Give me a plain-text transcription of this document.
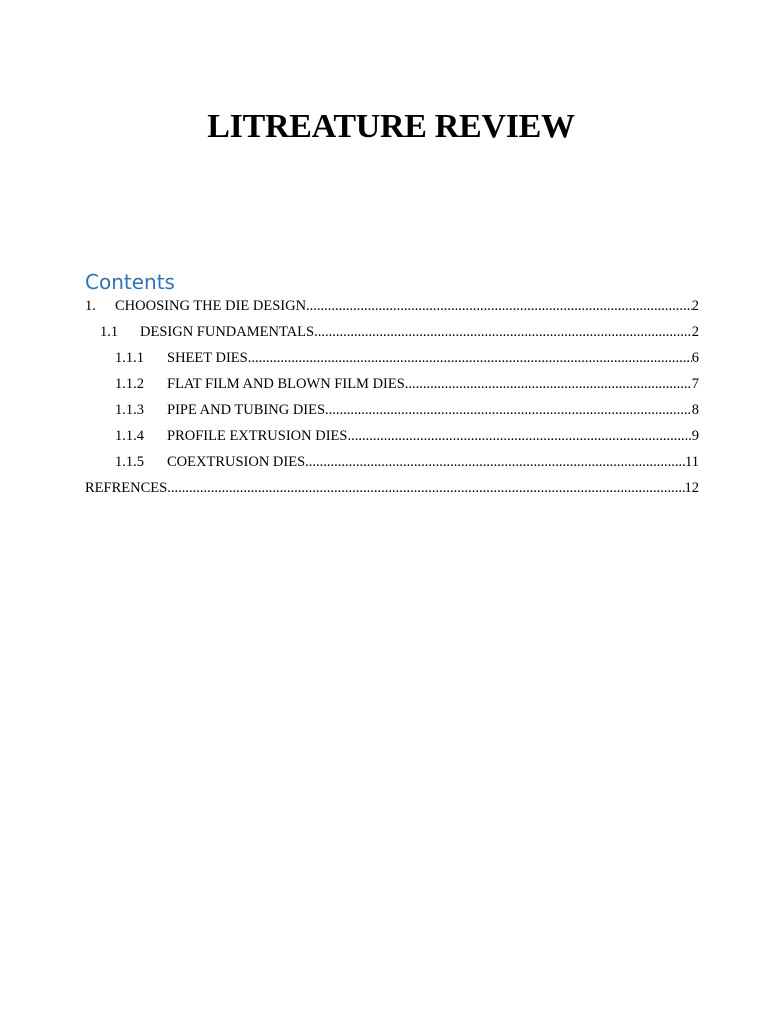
LITREATURE REVIEW
Contents
1.	CHOOSING THE DIE DESIGN .....	2
1.1	DESIGN FUNDAMENTALS .....	2
1.1.1	SHEET DIES .....	6
1.1.2	FLAT FILM AND BLOWN FILM DIES .....	7
1.1.3	PIPE AND TUBING DIES .....	8
1.1.4	PROFILE EXTRUSION DIES .....	9
1.1.5	COEXTRUSION DIES .....	11
REFRENCES .....	12
